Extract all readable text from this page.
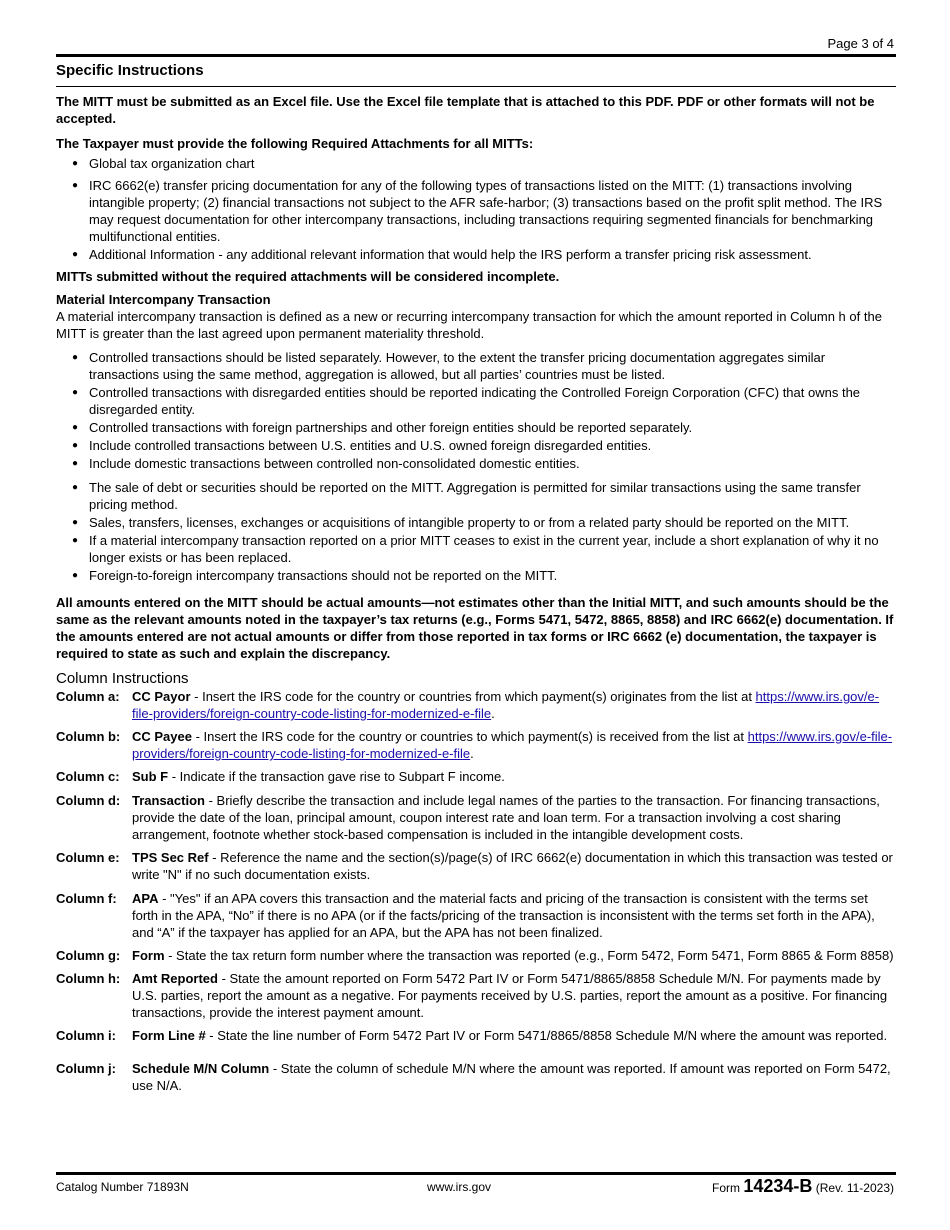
Page 3 of 4
Specific Instructions

The MITT must be submitted as an Excel file. Use the Excel file template that is attached to this PDF. PDF or other formats will not be accepted.

The Taxpayer must provide the following Required Attachments for all MITTs:

● Global tax organization chart
● IRC 6662(e) transfer pricing documentation for any of the following types of transactions listed on the MITT: (1) transactions involving intangible property; (2) financial transactions not subject to the AFR safe-harbor; (3) transactions based on the profit split method. The IRS may request documentation for other intercompany transactions, including transactions requiring segmented financials for benchmarking multifunctional entities.
● Additional Information - any additional relevant information that would help the IRS perform a transfer pricing risk assessment.

MITTs submitted without the required attachments will be considered incomplete.

Material Intercompany Transaction

A material intercompany transaction is defined as a new or recurring intercompany transaction for which the amount reported in Column h of the MITT is greater than the last agreed upon permanent materiality threshold.

● Controlled transactions should be listed separately. However, to the extent the transfer pricing documentation aggregates similar transactions using the same method, aggregation is allowed, but all parties’ countries must be listed.
● Controlled transactions with disregarded entities should be reported indicating the Controlled Foreign Corporation (CFC) that owns the disregarded entity.
● Controlled transactions with foreign partnerships and other foreign entities should be reported separately.
● Include controlled transactions between U.S. entities and U.S. owned foreign disregarded entities.
● Include domestic transactions between controlled non-consolidated domestic entities.
● The sale of debt or securities should be reported on the MITT. Aggregation is permitted for similar transactions using the same transfer pricing method.
● Sales, transfers, licenses, exchanges or acquisitions of intangible property to or from a related party should be reported on the MITT.
● If a material intercompany transaction reported on a prior MITT ceases to exist in the current year, include a short explanation of why it no longer exists or has been replaced.
● Foreign-to-foreign intercompany transactions should not be reported on the MITT.

All amounts entered on the MITT should be actual amounts—not estimates other than the Initial MITT, and such amounts should be the same as the relevant amounts noted in the taxpayer’s tax returns (e.g., Forms 5471, 5472, 8865, 8858) and IRC 6662(e) documentation. If the amounts entered are not actual amounts or differ from those reported in tax forms or IRC 6662 (e) documentation, the taxpayer is required to state as such and explain the discrepancy.

Column Instructions

Column a: CC Payor - Insert the IRS code for the country or countries from which payment(s) originates from the list at https://www.irs.gov/e-file-providers/foreign-country-code-listing-for-modernized-e-file.
Column b: CC Payee - Insert the IRS code for the country or countries to which payment(s) is received from the list at https://www.irs.gov/e-file-providers/foreign-country-code-listing-for-modernized-e-file.
Column c: Sub F - Indicate if the transaction gave rise to Subpart F income.
Column d: Transaction - Briefly describe the transaction and include legal names of the parties to the transaction. For financing transactions, provide the date of the loan, principal amount, coupon interest rate and loan term. For a transaction involving a cost sharing arrangement, footnote whether stock-based compensation is included in the intangible development costs.
Column e: TPS Sec Ref - Reference the name and the section(s)/page(s) of IRC 6662(e) documentation in which this transaction was tested or write "N" if no such documentation exists.
Column f:	APA - "Yes" if an APA covers this transaction and the material facts and pricing of the transaction is consistent with the terms set forth in the APA, “No” if there is no APA (or if the facts/pricing of the transaction is inconsistent with the terms set forth in the APA), and “A” if the taxpayer has applied for an APA, but the APA has not been finalized.
Column g: Form - State the tax return form number where the transaction was reported (e.g., Form 5472, Form 5471, Form 8865 & Form 8858)
Column h: Amt Reported - State the amount reported on Form 5472 Part IV or Form 5471/8865/8858 Schedule M/N. For payments made by U.S. parties, report the amount as a negative. For payments received by U.S. parties, report the amount as a positive. For financing transactions, provide the interest payment amount.
Column i:	Form Line # - State the line number of Form 5472 Part IV or Form 5471/8865/8858 Schedule M/N where the amount was reported.
Column j:	Schedule M/N Column - State the column of schedule M/N where the amount was reported. If amount was reported on Form 5472, use N/A.
Catalog Number 71893N	www.irs.gov	Form 14234-B (Rev. 11-2023)
